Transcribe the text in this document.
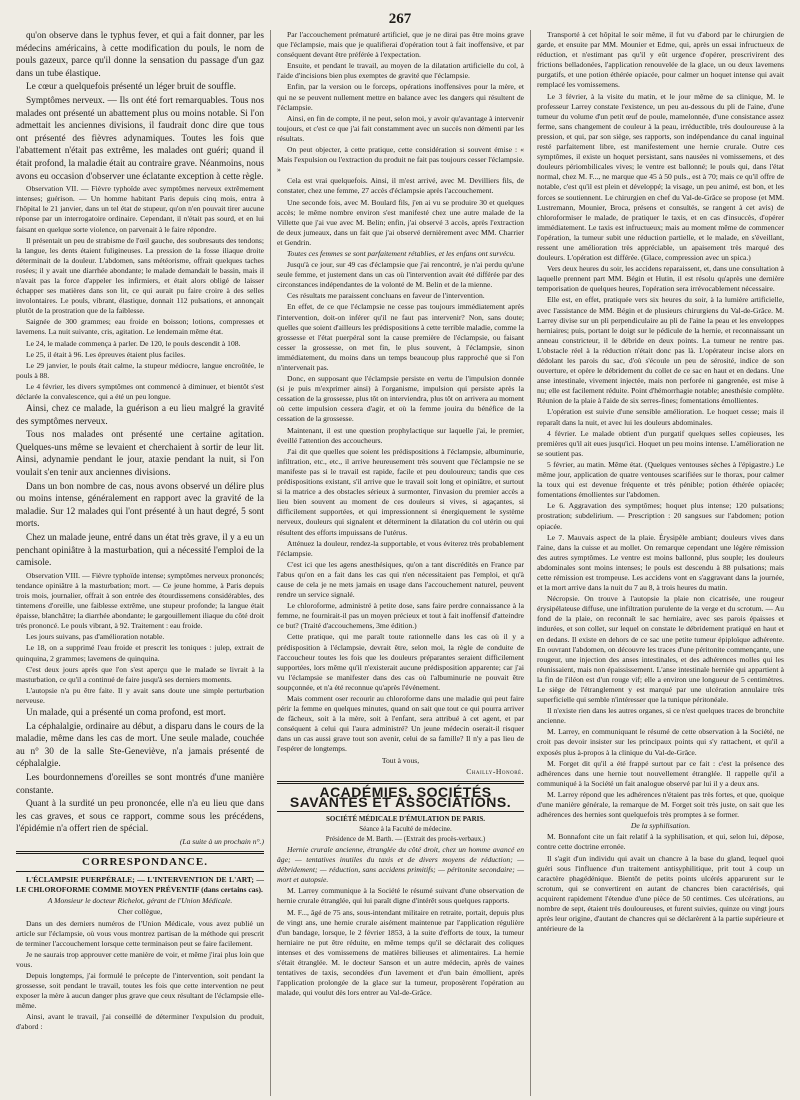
267

qu'on observe dans le typhus fever, et qui a fait donner, par les médecins américains, à cette modification du pouls, le nom de pouls gazeux, parce qu'il donne la sensation du passage d'un gaz dans un tube élastique.

Le cœur a quelquefois présenté un léger bruit de souffle.

Symptômes nerveux. — Ils ont été fort remarquables. Tous nos malades ont présenté un abattement plus ou moins notable. Si l'on admettait les anciennes divisions, il faudrait donc dire que tous ont présenté des fièvres adynamiques. Toutes les fois que l'abattement n'était pas extrême, les malades ont guéri; quand il était profond, la maladie était au contraire grave. Néanmoins, nous avons eu occasion d'observer une éclatante exception à cette règle.

Observation VII. — Fièvre typhoïde avec symptômes nerveux extrêmement intenses; guérison. — Un homme habitant Paris depuis cinq mois, entra à l'hôpital le 21 janvier, dans un tel état de stupeur, qu'on n'en pouvait tirer aucune réponse par un interrogatoire ordinaire. Cependant, il n'était pas sourd, et en lui faisant en quelque sorte violence, on parvenait à le faire répondre.

Il présentait un peu de strabisme de l'œil gauche, des soubresauts des tendons; la langue, les dents étaient fuligineuses. La pression de la fosse iliaque droite déterminait de la douleur. L'abdomen, sans météorisme, offrait quelques taches rosées; il y avait une diarrhée abondante; le malade demandait le bassin, mais il n'avait pas la force d'appeler les infirmiers, et était alors obligé de laisser échapper ses matières dans son lit, ce qui aurait pu faire croire à des selles involontaires. Le pouls, vibrant, élastique, donnait 112 pulsations, et annonçait plutôt de la prostration que de la faiblesse.

Saignée de 300 grammes; eau froide en boisson; lotions, compresses et lavemens. La nuit suivante, cris, agitation. Le lendemain même état.

Le 24, le malade commença à parler. De 120, le pouls descendit à 108.

Le 25, il était à 96. Les épreuves étaient plus faciles.

Le 29 janvier, le pouls était calme, la stupeur médiocre, langue encroûtée, le pouls à 88.

Le 4 février, les divers symptômes ont commencé à diminuer, et bientôt s'est déclarée la convalescence, qui a été un peu longue.

Ainsi, chez ce malade, la guérison a eu lieu malgré la gravité des symptômes nerveux.

Tous nos malades ont présenté une certaine agitation. Quelques-uns même se levaient et cherchaient à sortir de leur lit. Ainsi, adynamie pendant le jour, ataxie pendant la nuit, si l'on voulait s'en tenir aux anciennes divisions.

Dans un bon nombre de cas, nous avons observé un délire plus ou moins intense, généralement en rapport avec la gravité de la maladie. Sur 12 malades qui l'ont présenté à un haut degré, 5 sont morts.

Chez un malade jeune, entré dans un état très grave, il y a eu un penchant opiniâtre à la masturbation, qui a nécessité l'emploi de la camisole.

Observation VIII. — Fièvre typhoïde intense; symptômes nerveux prononcés; tendance opiniâtre à la masturbation; mort. — Ce jeune homme, à Paris depuis trois mois, journalier, offrait à son entrée des étourdissemens considérables, des tintemens d'oreille, une faiblesse extrême, une stupeur profonde; la langue était épaisse, blanchâtre; la diarrhée abondante; le gargouillement iliaque du côté droit très prononcé. Le pouls vibrant, à 92. Traitement : eau froide.

Les jours suivans, pas d'amélioration notable.

Le 18, on a supprimé l'eau froide et prescrit les toniques : julep, extrait de quinquina, 2 grammes; lavemens de quinquina.

C'est deux jours après que l'on s'est aperçu que le malade se livrait à la masturbation, ce qu'il a continué de faire jusqu'à ses derniers moments.

L'autopsie n'a pu être faite. Il y avait sans doute une simple perturbation nerveuse.

Un malade, qui a présenté un coma profond, est mort.

La céphalalgie, ordinaire au début, a disparu dans le cours de la maladie, même dans les cas de mort. Une seule malade, couchée au n° 30 de la salle Ste-Geneviève, n'a jamais présenté de céphalalgie.

Les bourdonnemens d'oreilles se sont montrés d'une manière constante.

Quant à la surdité un peu prononcée, elle n'a eu lieu que dans les cas graves, et sous ce rapport, comme sous les précédens, l'épidémie n'a offert rien de spécial.

(La suite à un prochain n°.)

CORRESPONDANCE.

L'ÉCLAMPSIE PUERPÉRALE; — L'INTERVENTION DE L'ART; — LE CHLOROFORME COMME MOYEN PRÉVENTIF (dans certains cas).

A Monsieur le docteur Richelot, gérant de l'Union Médicale.

Cher collègue,

Dans un des derniers numéros de l'Union Médicale, vous avez publié un article sur l'éclampsie, où vous vous montrez partisan de la méthode qui prescrit de terminer l'accouchement lorsque cette terminaison peut se faire facilement.

Je ne saurais trop approuver cette manière de voir, et même j'irai plus loin que vous.

Depuis longtemps, j'ai formulé le précepte de l'intervention, soit pendant la grossesse, soit pendant le travail, toutes les fois que cette intervention ne peut exposer la mère à aucun danger plus grave que ceux résultant de l'éclampsie elle-même.

Ainsi, avant le travail, j'ai conseillé de déterminer l'expulsion du produit, d'abord :

Par l'accouchement prématuré artificiel, que je ne dirai pas être moins grave que l'éclampsie, mais que je qualifierai d'opération tout à fait inoffensive, et par conséquent devant être préférée à l'expectation.

Ensuite, et pendant le travail, au moyen de la dilatation artificielle du col, à l'aide d'incisions bien plus exemptes de gravité que l'éclampsie.

Enfin, par la version ou le forceps, opérations inoffensives pour la mère, et qui ne se peuvent nullement mettre en balance avec les dangers qui résultent de l'éclampsie.

Ainsi, en fin de compte, il ne peut, selon moi, y avoir qu'avantage à intervenir toujours, et c'est ce que j'ai fait constamment avec un succès non démenti par les résultats.

On peut objecter, à cette pratique, cette considération si souvent émise : « Mais l'expulsion ou l'extraction du produit ne fait pas toujours cesser l'éclampsie. »

Cela est vrai quelquefois. Ainsi, il m'est arrivé, avec M. Devilliers fils, de constater, chez une femme, 27 accès d'éclampsie après l'accouchement.

Une seconde fois, avec M. Boulard fils, j'en ai vu se produire 30 et quelques accès; le même nombre environ s'est manifesté chez une autre malade de la Villette que j'ai vue avec M. Belin; enfin, j'ai observé 3 accès, après l'extraction de deux jumeaux, dans un fait que j'ai observé dernièrement avec MM. Charrier et Gendrin.

Toutes ces femmes se sont parfaitement rétablies, et les enfans ont survécu.

Jusqu'à ce jour, sur 49 cas d'éclampsie que j'ai rencontré, je n'ai perdu qu'une seule femme, et justement dans un cas où l'intervention avait été différée par des circonstances indépendantes de la volonté de M. Belin et de la mienne.

Ces résultats me paraissent concluans en faveur de l'intervention.

En effet, de ce que l'éclampsie ne cesse pas toujours immédiatement après l'intervention, doit-on inférer qu'il ne faut pas intervenir? Non, sans doute; quelles que soient d'ailleurs les prédispositions à cette terrible maladie, comme la grossesse et l'état puerpéral sont la cause première de l'éclampsie, ou faisant cesser la grossesse, on met fin, le plus souvent, à l'éclampsie, sinon immédiatement, du moins dans un temps beaucoup plus rapproché que si l'on n'intervenait pas.

Donc, en supposant que l'éclampsie persiste en vertu de l'impulsion donnée (si je puis m'exprimer ainsi) à l'organisme, impulsion qui persiste après la cessation de la grossesse, plus tôt on interviendra, plus tôt on arrivera au moment où cette impulsion cessera d'agir, et où la femme jouira du bénéfice de la cessation de la grossesse.

Maintenant, il est une question prophylactique sur laquelle j'ai, le premier, éveillé l'attention des accoucheurs.

J'ai dit que quelles que soient les prédispositions à l'éclampsie, albuminurie, infiltration, etc., etc., il arrive heureusement très souvent que l'éclampsie ne se manifeste pas si le travail est rapide, facile et peu douloureux; tandis que ces prédispositions existant, s'il arrive que le travail soit long et opiniâtre, et surtout si la matrice a des obstacles sérieux à surmonter, l'invasion du premier accès a lieu bien souvent au moment de ces douleurs si vives, si agaçantes, si difficilement supportées, et qui impressionnent si énergiquement le système nerveux, douleurs qui signalent et déterminent la dilatation du col utérin ou qui résultent des efforts impuissans de l'utérus.

Atténuez la douleur, rendez-la supportable, et vous éviterez très probablement l'éclampsie.

C'est ici que les agens anesthésiques, qu'on a tant discrédités en France par l'abus qu'on en a fait dans les cas qui n'en nécessitaient pas l'emploi, et qu'à cause de cela je ne mets jamais en usage dans l'accouchement naturel, peuvent rendre un service signalé.

Le chloroforme, administré à petite dose, sans faire perdre connaissance à la femme, ne fournirait-il pas un moyen précieux et tout à fait inoffensif d'atteindre ce but? (Traité d'accouchemens, 3me édition.)

Cette pratique, qui me paraît toute rationnelle dans les cas où il y a prédisposition à l'éclampsie, devrait être, selon moi, la règle de conduite de l'accoucheur toutes les fois que les douleurs préparantes seraient difficilement supportées, lors même qu'il n'existerait aucune prédisposition apparente; car j'ai vu l'éclampsie se manifester dans des cas où l'albuminurie ne pouvait être soupçonnée, et n'a été reconnue qu'après l'événement.

Mais comment oser recourir au chloroforme dans une maladie qui peut faire périr la femme en quelques minutes, quand on sait que tout ce qui pourra arriver de fâcheux, soit à la mère, soit à l'enfant, sera attribué à cet agent, et par conséquent à celui qui l'aura administré? Un jeune médecin oserait-il risquer dans un cas aussi grave tout son avenir, celui de sa famille? Il n'y a pas lieu de l'espérer de longtemps.

Tout à vous,

Chailly-Honoré.

ACADÉMIES, SOCIÉTÉS SAVANTES ET ASSOCIATIONS.

SOCIÉTÉ MÉDICALE D'ÉMULATION DE PARIS.

Séance à la Faculté de médecine.

Présidence de M. Barth. — (Extrait des procès-verbaux.)

Hernie crurale ancienne, étranglée du côté droit, chez un homme avancé en âge; — tentatives inutiles du taxis et de divers moyens de réduction; — débridement; — réduction, sans accidens primitifs; — péritonite secondaire; — mort et autopsie.

M. Larrey communique à la Société le résumé suivant d'une observation de hernie crurale étranglée, qui lui paraît digne d'intérêt sous quelques rapports.

M. F..., âgé de 75 ans, sous-intendant militaire en retraite, portait, depuis plus de vingt ans, une hernie crurale aisément maintenue par l'application régulière d'un bandage, lorsque, le 2 février 1853, à la suite d'efforts de toux, la tumeur herniaire ne put être réduite, en même temps qu'il se déclarait des coliques intenses et des vomissemens de matières bilieuses et alimentaires. La hernie s'était étranglée. M. le docteur Sanson et un autre médecin, après de vaines tentatives de taxis, secondées d'un lavement et d'un bain émollient, après l'application prolongée de la glace sur la tumeur, proposèrent l'opération au malade, qui voulut dès lors entrer au Val-de-Grâce.

Transporté à cet hôpital le soir même, il fut vu d'abord par le chirurgien de garde, et ensuite par MM. Mounier et Edme, qui, après un essai infructueux de réduction, et n'estimant pas qu'il y eût urgence d'opérer, prescrivirent des frictions belladonées, l'application renouvelée de la glace, un ou deux lavemens purgatifs, et une potion éthérée opiacée, pour calmer un hoquet intense qui avait remplacé les vomissemens.

Le 3 février, à la visite du matin, et le jour même de sa clinique, M. le professeur Larrey constate l'existence, un peu au-dessous du pli de l'aine, d'une tumeur du volume d'un petit œuf de poule, mamelonnée, d'une consistance assez ferme, sans changement de couleur à la peau, irréductible, très douloureuse à la pression, et qui, par son siège, ses rapports, son indépendance du canal inguinal resté parfaitement libre, est manifestement une hernie crurale. Outre ces symptômes, il existe un hoquet persistant, sans nausées ni vomissemens, et des douleurs périombilicales vives; le ventre est ballonné; le pouls qui, dans l'état normal, chez M. F..., ne marque que 45 à 50 puls., est à 70; mais ce qu'il offre de notable, c'est qu'il est plein et développé; la visage, un peu animé, est bon, et les forces se soutiennent. Le chirurgien en chef du Val-de-Grâce se propose (et MM. Lustremann, Mounier, Broca, présens et consultés, se rangent à cet avis) de chloroformiser le malade, de pratiquer le taxis, et en cas d'insuccès, d'opérer immédiatement. Le taxis est infructueux; mais au moment même de commencer l'opération, la tumeur subit une réduction partielle, et le malade, en s'éveillant, ressent une amélioration très appréciable, un apaisement très marqué des douleurs. L'opération est différée. (Glace, compression avec un spica.)

Vers deux heures du soir, les accidens reparaissent, et, dans une consultation à laquelle prennent part MM. Bégin et Hutin, il est résolu qu'après une dernière temporisation de quelques heures, l'opération sera irrévocablement nécessaire.

Elle est, en effet, pratiquée vers six heures du soir, à la lumière artificielle, avec l'assistance de MM. Bégin et de plusieurs chirurgiens du Val-de-Grâce. M. Larrey divise sur un pli perpendiculaire au pli de l'aine la peau et les enveloppes herniaires; puis, portant le doigt sur le pédicule de la hernie, et reconnaissant un anneau constricteur, il le débride en deux points. La tumeur ne rentre pas. L'obstacle réel à la réduction n'était donc pas là. L'opérateur incise alors en dédolant les parois du sac, d'où s'écoule un peu de sérosité, indice de son ouverture, et opère le débridement du collet de ce sac en haut et en dedans. Une anse intestinale, vivement injectée, mais non perforée ni gangrenée, est mise à nu; elle est facilement réduite. Point d'hémorrhagie notable; anesthésie complète. Réunion de la plaie à l'aide de six serres-fines; fomentations émollientes.

L'opération est suivie d'une sensible amélioration. Le hoquet cesse; mais il reparaît dans la nuit, et avec lui les douleurs abdominales.

4 février. Le malade obtient d'un purgatif quelques selles copieuses, les premières qu'il ait eues jusqu'ici. Hoquet un peu moins intense. L'amélioration ne se soutient pas.

5 février, au matin. Même état. (Quelques ventouses sèches à l'épigastre.) Le même jour, application de quatre ventouses scarifiées sur le thorax, pour calmer la toux qui est devenue fréquente et très pénible; potion éthérée opiacée; fomentations émollientes sur l'abdomen.

Le 6. Aggravation des symptômes; hoquet plus intense; 120 pulsations; prostration; subdelirium. — Prescription : 20 sangsues sur l'abdomen; potion opiacée.

Le 7. Mauvais aspect de la plaie. Érysipèle ambiant; douleurs vives dans l'aine, dans la cuisse et au mollet. On remarque cependant une légère rémission des autres symptômes. Le ventre est moins ballonné, plus souple; les douleurs abdominales sont moins intenses; le pouls est descendu à 88 pulsations; mais cette rémission est trompeuse. Les accidens vont en s'aggravant dans la journée, et la mort arrive dans la nuit du 7 au 8, à trois heures du matin.

Nécropsie. On trouve à l'autopsie la plaie non cicatrisée, une rougeur érysipélateuse diffuse, une infiltration purulente de la verge et du scrotum. — Au fond de la plaie, on reconnaît le sac herniaire, avec ses parois épaisses et indurées, et son collet, sur lequel on constate le débridement pratiqué en haut et en dedans. Il existe en dehors de ce sac une petite tumeur épiploïque adhérente. En ouvrant l'abdomen, on découvre les traces d'une péritonite commençante, une rougeur, une injection des anses intestinales, et des adhérences molles qui les réunissaient, mais non épaississement. L'anse intestinale herniée qui appartient à la fin de l'iléon est d'un rouge vif; elle a environ une longueur de 5 centimètres. Le siège de l'étranglement y est marqué par une ulcération annulaire très superficielle qui semble n'intéresser que la tunique péritonéale.

Il n'existe rien dans les autres organes, si ce n'est quelques traces de bronchite ancienne.

M. Larrey, en communiquant le résumé de cette observation à la Société, ne croit pas devoir insister sur les principaux points qui s'y rattachent, et qu'il a exposés plus à-propos à la clinique du Val-de-Grâce.

M. Forget dit qu'il a été frappé surtout par ce fait : c'est la présence des adhérences dans une hernie tout nouvellement étranglée. Il rappelle qu'il a communiqué à la Société un fait analogue observé par lui il y a deux ans.

M. Larrey répond que les adhérences n'étaient pas très fortes, et que, quoique d'une manière générale, la remarque de M. Forget soit très juste, on sait que les adhérences des hernies sont quelquefois très promptes à se former.

De la syphilisation.

M. Bonnafont cite un fait relatif à la syphilisation, et qui, selon lui, dépose, contre cette doctrine erronée.

Il s'agit d'un individu qui avait un chancre à la base du gland, lequel quoi guéri sous l'influence d'un traitement antisyphilitique, prit tout à coup un caractère phagédénique. Bientôt de petits points ulcérés apparurent sur le scrotum, qui se convertirent en autant de chancres bien caractérisés, qui acquirent rapidement l'étendue d'une pièce de 50 centimes. Ces ulcérations, au nombre de sept, étaient très douloureuses, et furent suivies, quinze ou vingt jours après leur origine, d'autant de chancres qui se déclarèrent à la partie supérieure et antérieure de la
